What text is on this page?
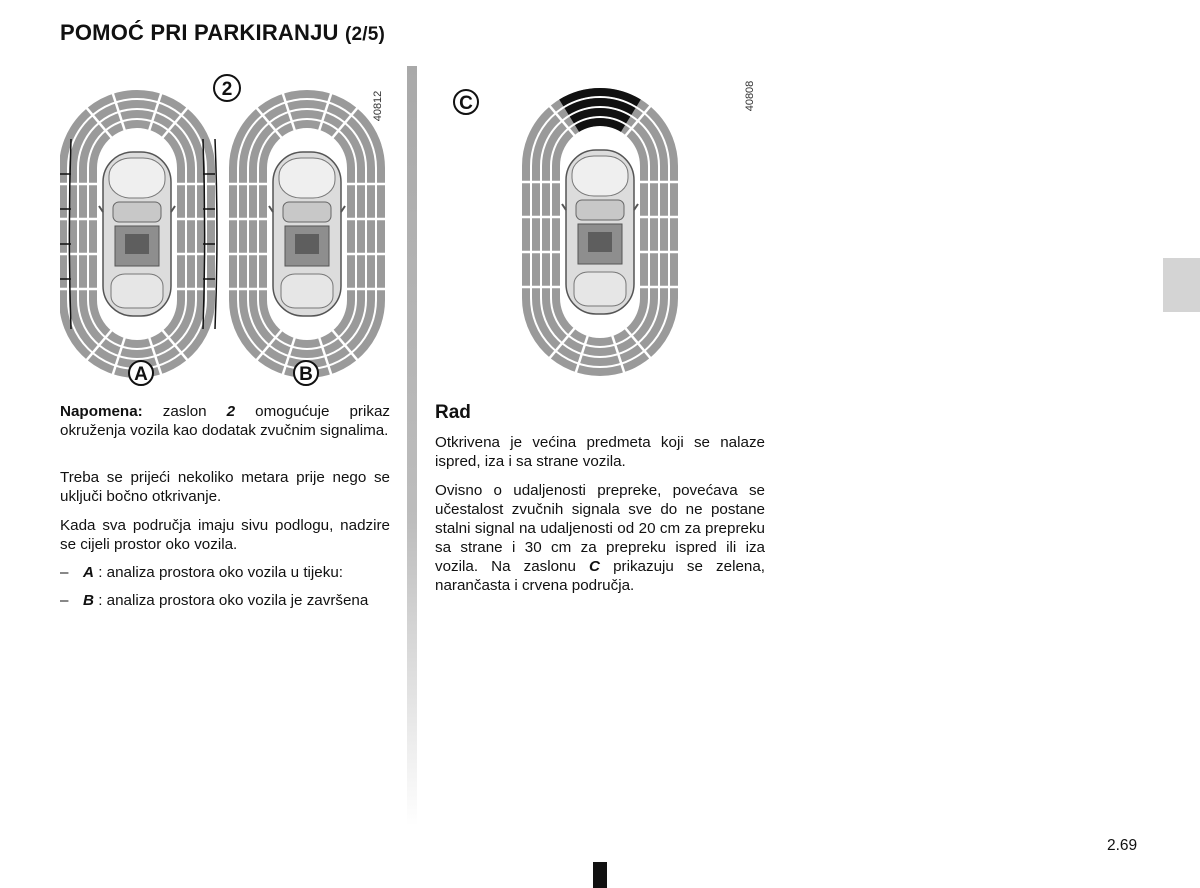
POMOĆ PRI PARKIRANJU (2/5)
2
40812
A	B
C	40808

Napomena: zaslon 2 omogućuje prikaz okruženja vozila kao dodatak zvučnim signalima.

Treba se prijeći nekoliko metara prije nego se uključi bočno otkrivanje.

Kada sva područja imaju sivu podlogu, nadzire se cijeli prostor oko vozila.

– A : analiza prostora oko vozila u tijeku:
– B : analiza prostora oko vozila je završena
Rad

Otkrivena je većina predmeta koji se nalaze ispred, iza i sa strane vozila.

Ovisno o udaljenosti prepreke, povećava se učestalost zvučnih signala sve do ne postane stalni signal na udaljenosti od 20 cm za prepreku sa strane i 30 cm za prepreku ispred ili iza vozila. Na zaslonu C prikazuju se zelena, narančasta i crvena područja.

2.69
